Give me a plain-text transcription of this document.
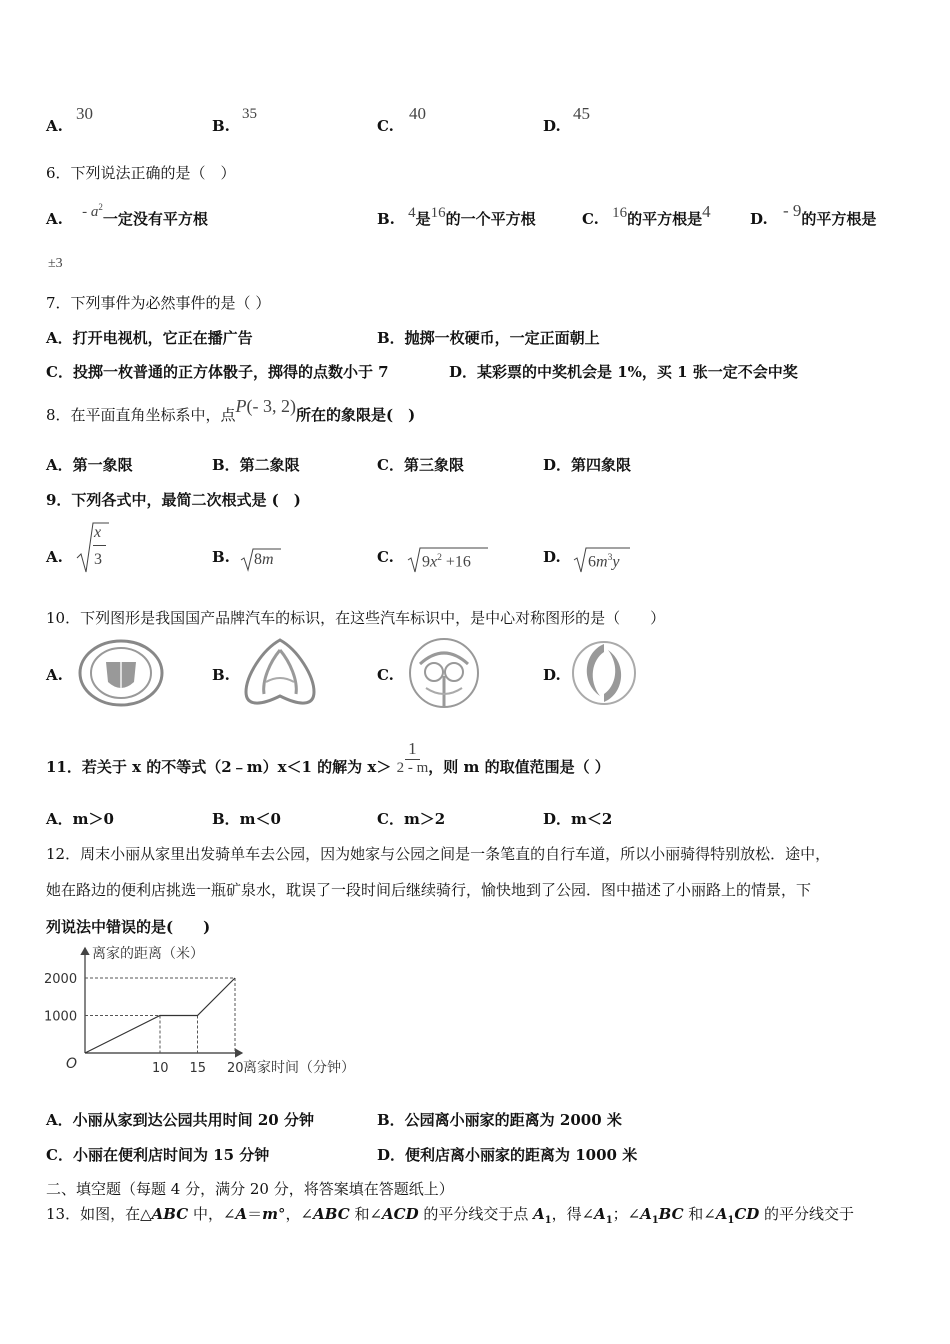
A.
30
B.
35
C.
40
D.
45
6．下列说法正确的是（　）
A. - $a^2$一定没有平方根	B. 4是16的一个平方根	C. 16的平方根是4	D. - 9的平方根是
±3
7．下列事件为必然事件的是（ ）
A．打开电视机，它正在播广告	B．抛掷一枚硬币，一定正面朝上
C．投掷一枚普通的正方体骰子，掷得的点数小于 7	D．某彩票的中奖机会是 1%，买 1 张一定不会中奖
8．在平面直角坐标系中，点P(- 3, 2)所在的象限是(　)
A．第一象限	B．第二象限	C．第三象限	D．第四象限
9．下列各式中，最简二次根式是 (　)
A.
x
3	B. 8m	C. $9x^2 +16$	D. $6m^3y$
10．下列图形是我国国产品牌汽车的标识，在这些汽车标识中，是中心对称图形的是（　　）
A.	B.	C.	D.
11．若关于 x 的不等式（2﹣m）x＜1 的解为 $x> \frac{1}{2 - m}$ ，则 m 的取值范围是（ ）
A．m＞0	B．m＜0	C．m＞2	D．m＜2
12．周末小丽从家里出发骑单车去公园，因为她家与公园之间是一条笔直的自行车道，所以小丽骑得特别放松．途中，
她在路边的便利店挑选一瓶矿泉水，耽误了一段时间后继续骑行，愉快地到了公园．图中描述了小丽路上的情景，下
列说法中错误的是(　　)
离家的距离（米）
离家时间（分钟）
O	10 15 20
1000
2000
A．小丽从家到达公园共用时间 20 分钟	B．公园离小丽家的距离为 2000 米
C．小丽在便利店时间为 15 分钟	D．便利店离小丽家的距离为 1000 米
二、填空题（每题 4 分，满分 20 分，将答案填在答题纸上）
13．如图，在△ABC 中，∠A＝m°，∠ABC 和∠ACD 的平分线交于点 $A_1$，得$\angle A_1$；$\angle A_1BC$ 和$\angle A_1CD$ 的平分线交于
